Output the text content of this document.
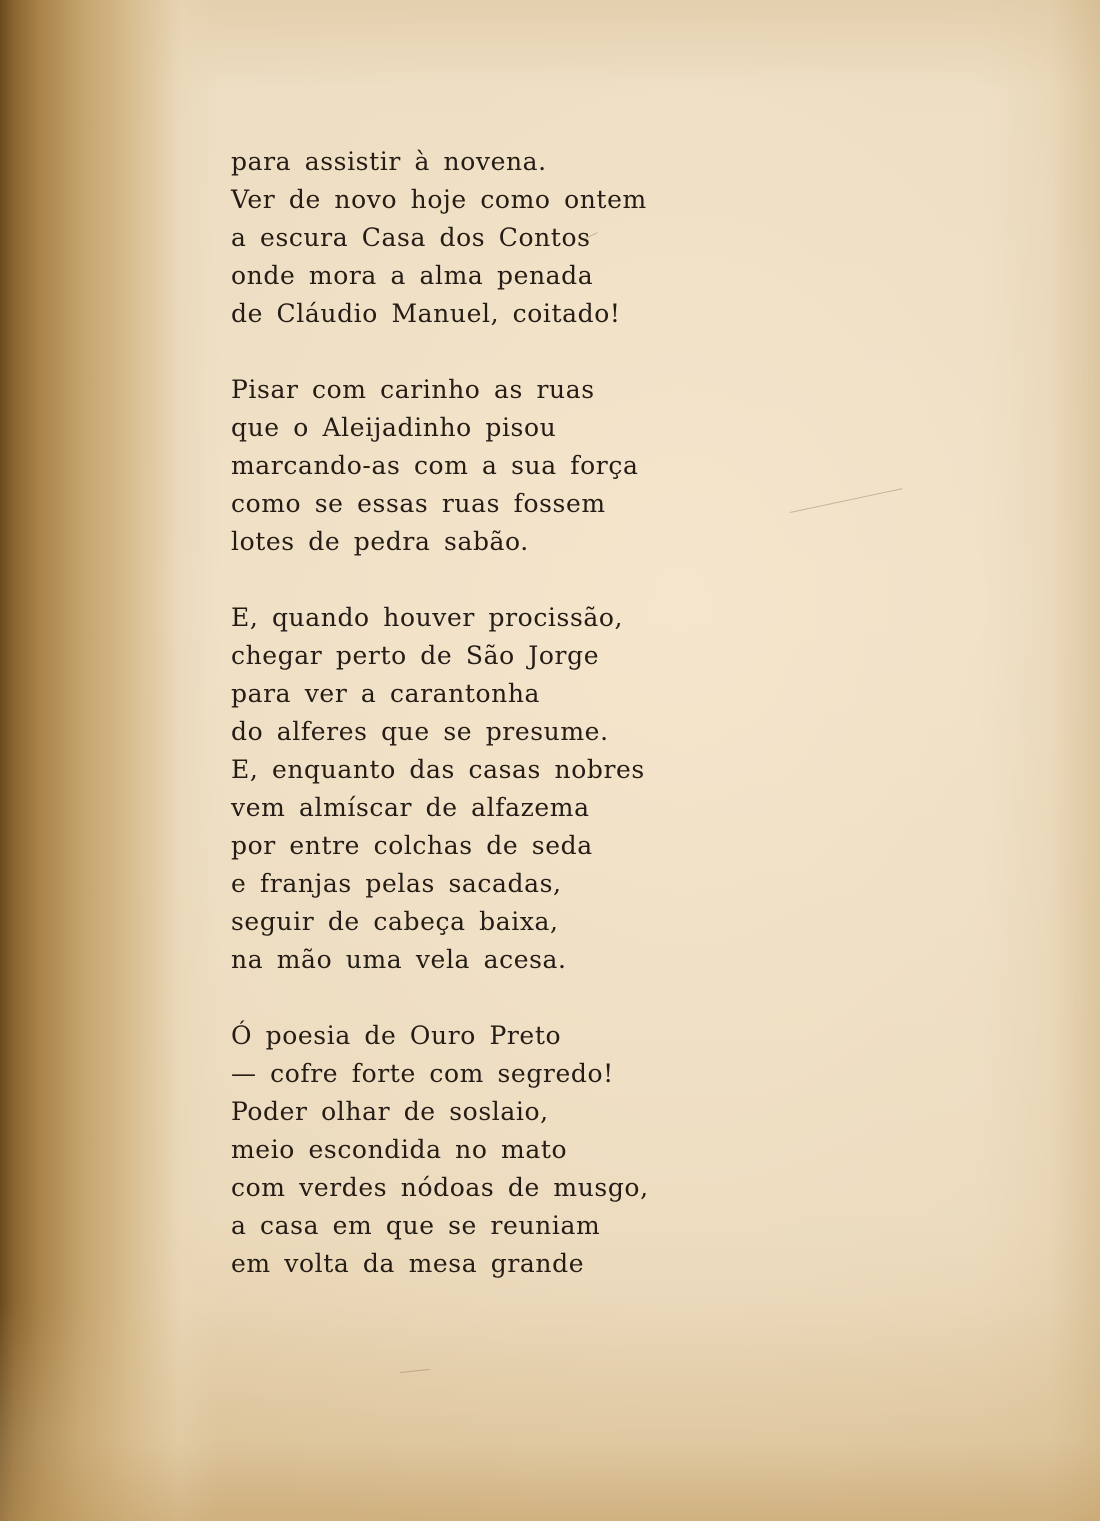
para assistir à novena.
Ver de novo hoje como ontem
a escura Casa dos Contos
onde mora a alma penada
de Cláudio Manuel, coitado!
Pisar com carinho as ruas
que o Aleijadinho pisou
marcando-as com a sua força
como se essas ruas fossem
lotes de pedra sabão.
E, quando houver procissão,
chegar perto de São Jorge
para ver a carantonha
do alferes que se presume.
E, enquanto das casas nobres
vem almíscar de alfazema
por entre colchas de seda
e franjas pelas sacadas,
seguir de cabeça baixa,
na mão uma vela acesa.
Ó poesia de Ouro Preto
— cofre forte com segredo!
Poder olhar de soslaio,
meio escondida no mato
com verdes nódoas de musgo,
a casa em que se reuniam
em volta da mesa grande
